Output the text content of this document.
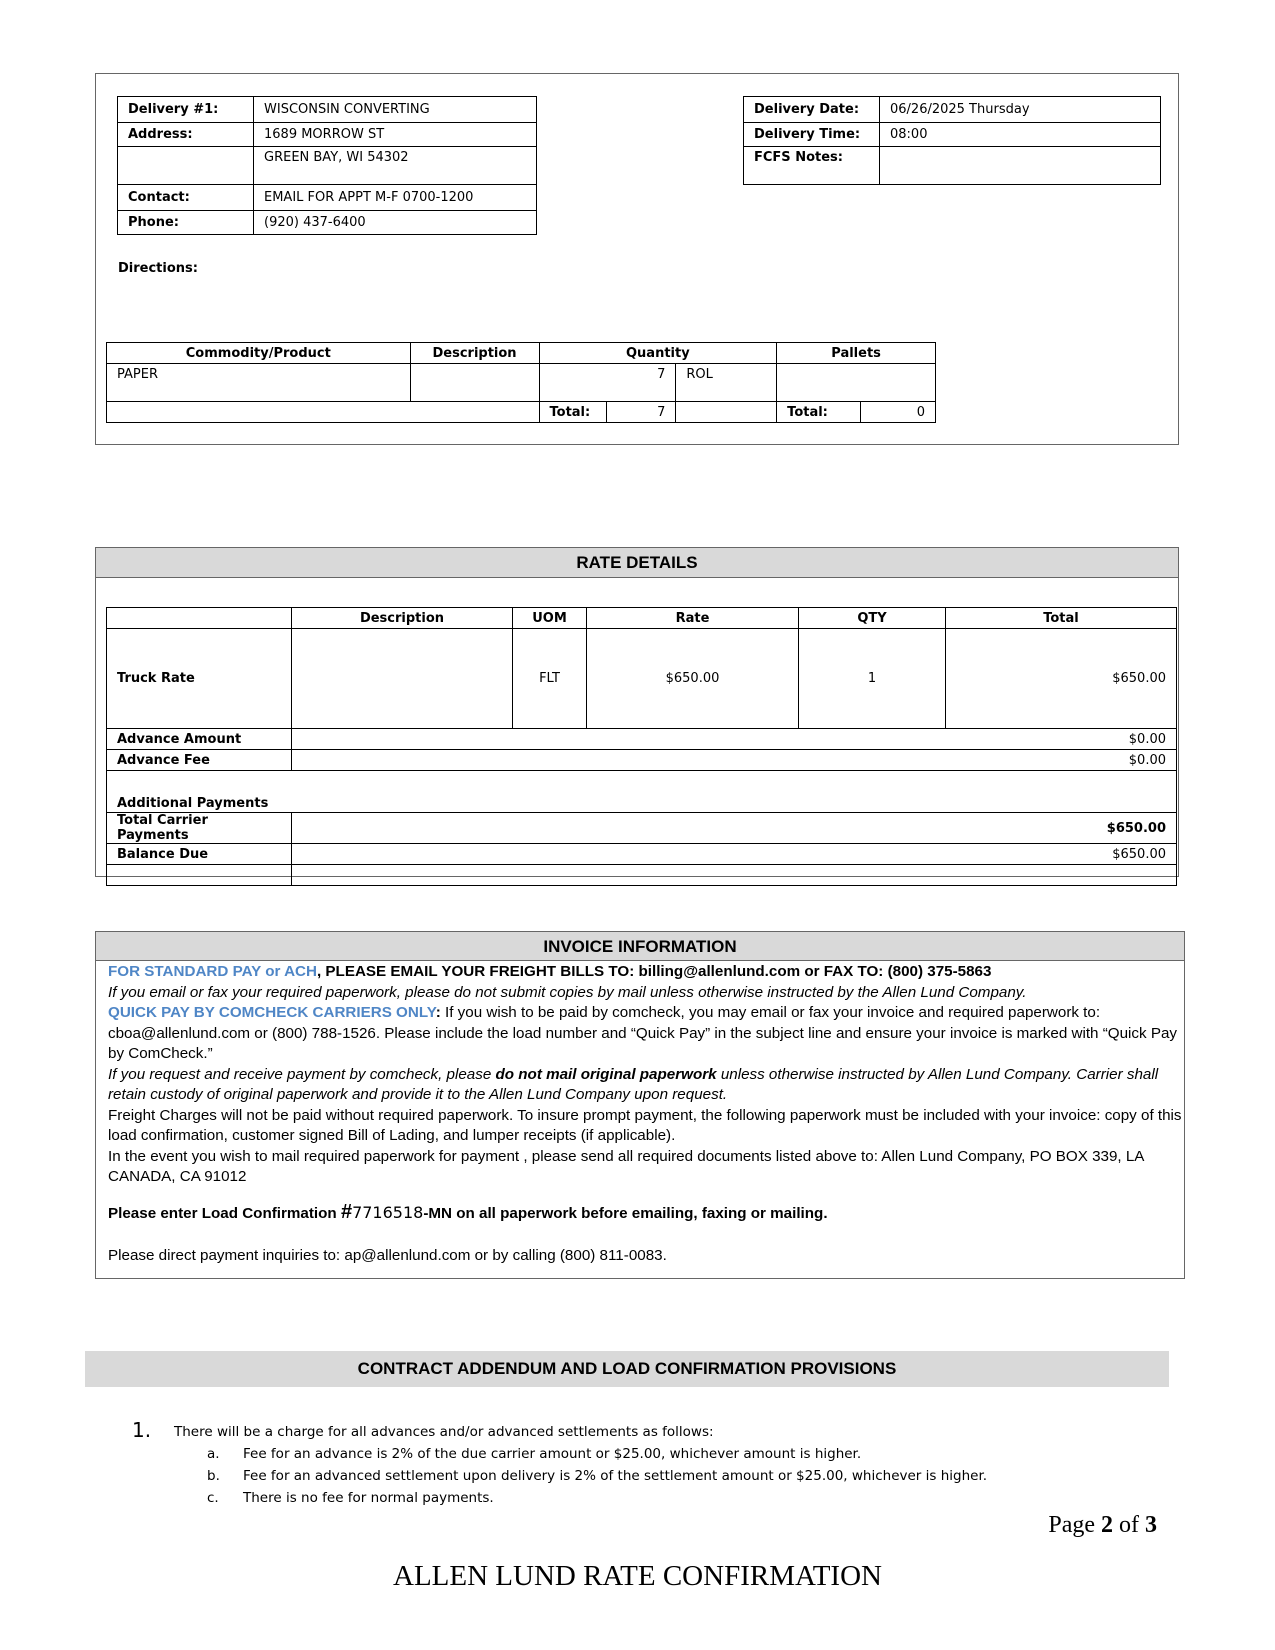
Delivery #1:	WISCONSIN CONVERTING
Address:	1689 MORROW ST
	GREEN BAY, WI 54302
Contact:	EMAIL FOR APPT M-F 0700-1200
Phone:	(920) 437-6400
Delivery Date:	06/26/2025 Thursday
Delivery Time:	08:00
FCFS Notes:	
Directions:
Commodity/Product	Description	Quantity			Pallets	
PAPER		7		ROL		
		Total:	7		Total:	0
RATE DETAILS
	Description	UOM	Rate	QTY	Total
Truck Rate		FLT	$650.00	1	$650.00
Advance Amount	$0.00				
Advance Fee	$0.00				
Additional Payments					
Total Carrier Payments	$650.00				
Balance Due	$650.00				

INVOICE INFORMATION
FOR STANDARD PAY or ACH, PLEASE EMAIL YOUR FREIGHT BILLS TO: billing@allenlund.com or FAX TO: (800) 375-5863
If you email or fax your required paperwork, please do not submit copies by mail unless otherwise instructed by the Allen Lund Company.
QUICK PAY BY COMCHECK CARRIERS ONLY: If you wish to be paid by comcheck, you may email or fax your invoice and required paperwork to: cboa@allenlund.com or (800) 788-1526. Please include the load number and “Quick Pay” in the subject line and ensure your invoice is marked with “Quick Pay by ComCheck.”
If you request and receive payment by comcheck, please do not mail original paperwork unless otherwise instructed by Allen Lund Company. Carrier shall retain custody of original paperwork and provide it to the Allen Lund Company upon request.
Freight Charges will not be paid without required paperwork. To insure prompt payment, the following paperwork must be included with your invoice: copy of this load confirmation, customer signed Bill of Lading, and lumper receipts (if applicable).
In the event you wish to mail required paperwork for payment , please send all required documents listed above to: Allen Lund Company, PO BOX 339, LA CANADA, CA 91012
Please enter Load Confirmation #7716518-MN on all paperwork before emailing, faxing or mailing.
Please direct payment inquiries to: ap@allenlund.com or by calling (800) 811-0083.
CONTRACT ADDENDUM AND LOAD CONFIRMATION PROVISIONS
1. There will be a charge for all advances and/or advanced settlements as follows:
a. Fee for an advance is 2% of the due carrier amount or $25.00, whichever amount is higher.
b. Fee for an advanced settlement upon delivery is 2% of the settlement amount or $25.00, whichever is higher.
c. There is no fee for normal payments.
Page 2 of 3
ALLEN LUND RATE CONFIRMATION
